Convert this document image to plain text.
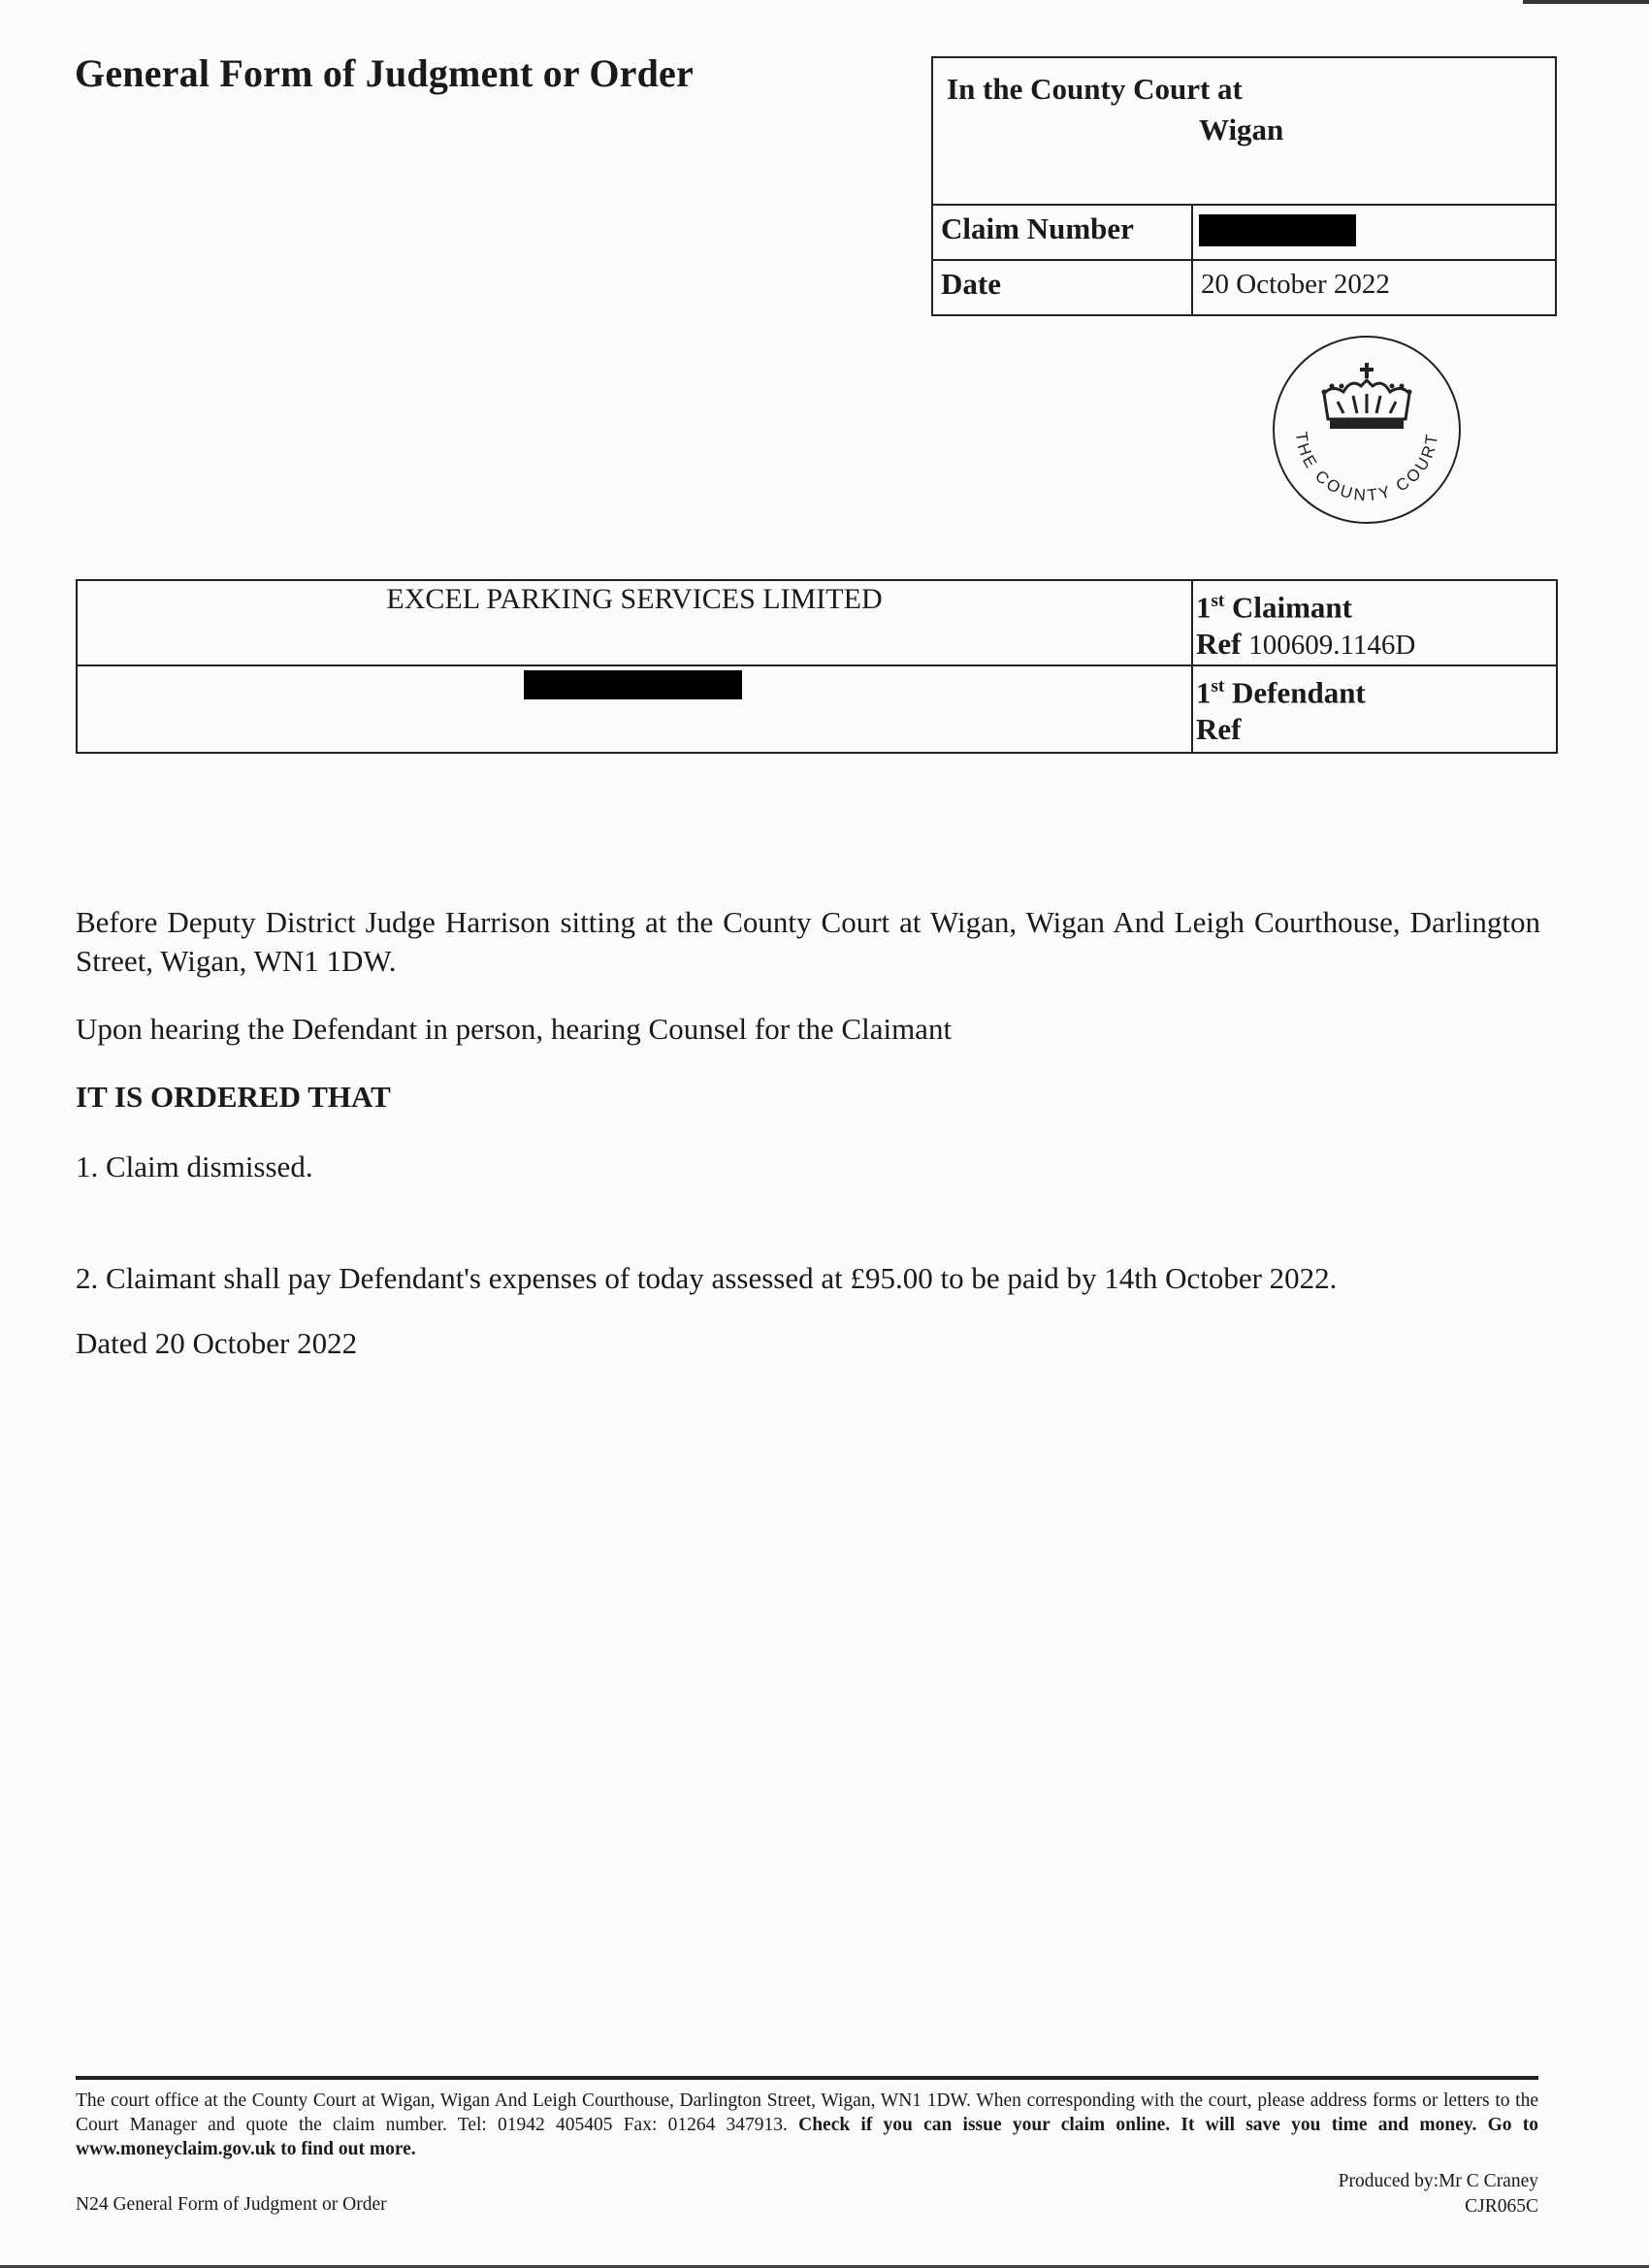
General Form of Judgment or Order	In the County Court at
Wigan
Claim Number
Date	20 October 2022
THE COUNTY COURT
EXCEL PARKING SERVICES LIMITED	1st Claimant
Ref 100609.1146D
1st Defendant
Ref
Before Deputy District Judge Harrison sitting at the County Court at Wigan, Wigan And Leigh Courthouse, Darlington Street, Wigan, WN1 1DW.
Upon hearing the Defendant in person, hearing Counsel for the Claimant
IT IS ORDERED THAT
1. Claim dismissed.
2. Claimant shall pay Defendant's expenses of today assessed at £95.00 to be paid by 14th October 2022.
Dated 20 October 2022
The court office at the County Court at Wigan, Wigan And Leigh Courthouse, Darlington Street, Wigan, WN1 1DW. When corresponding with the court, please address forms or letters to the Court Manager and quote the claim number. Tel: 01942 405405 Fax: 01264 347913. Check if you can issue your claim online. It will save you time and money. Go to www.moneyclaim.gov.uk to find out more.
N24 General Form of Judgment or Order
Produced by:Mr C Craney
CJR065C
